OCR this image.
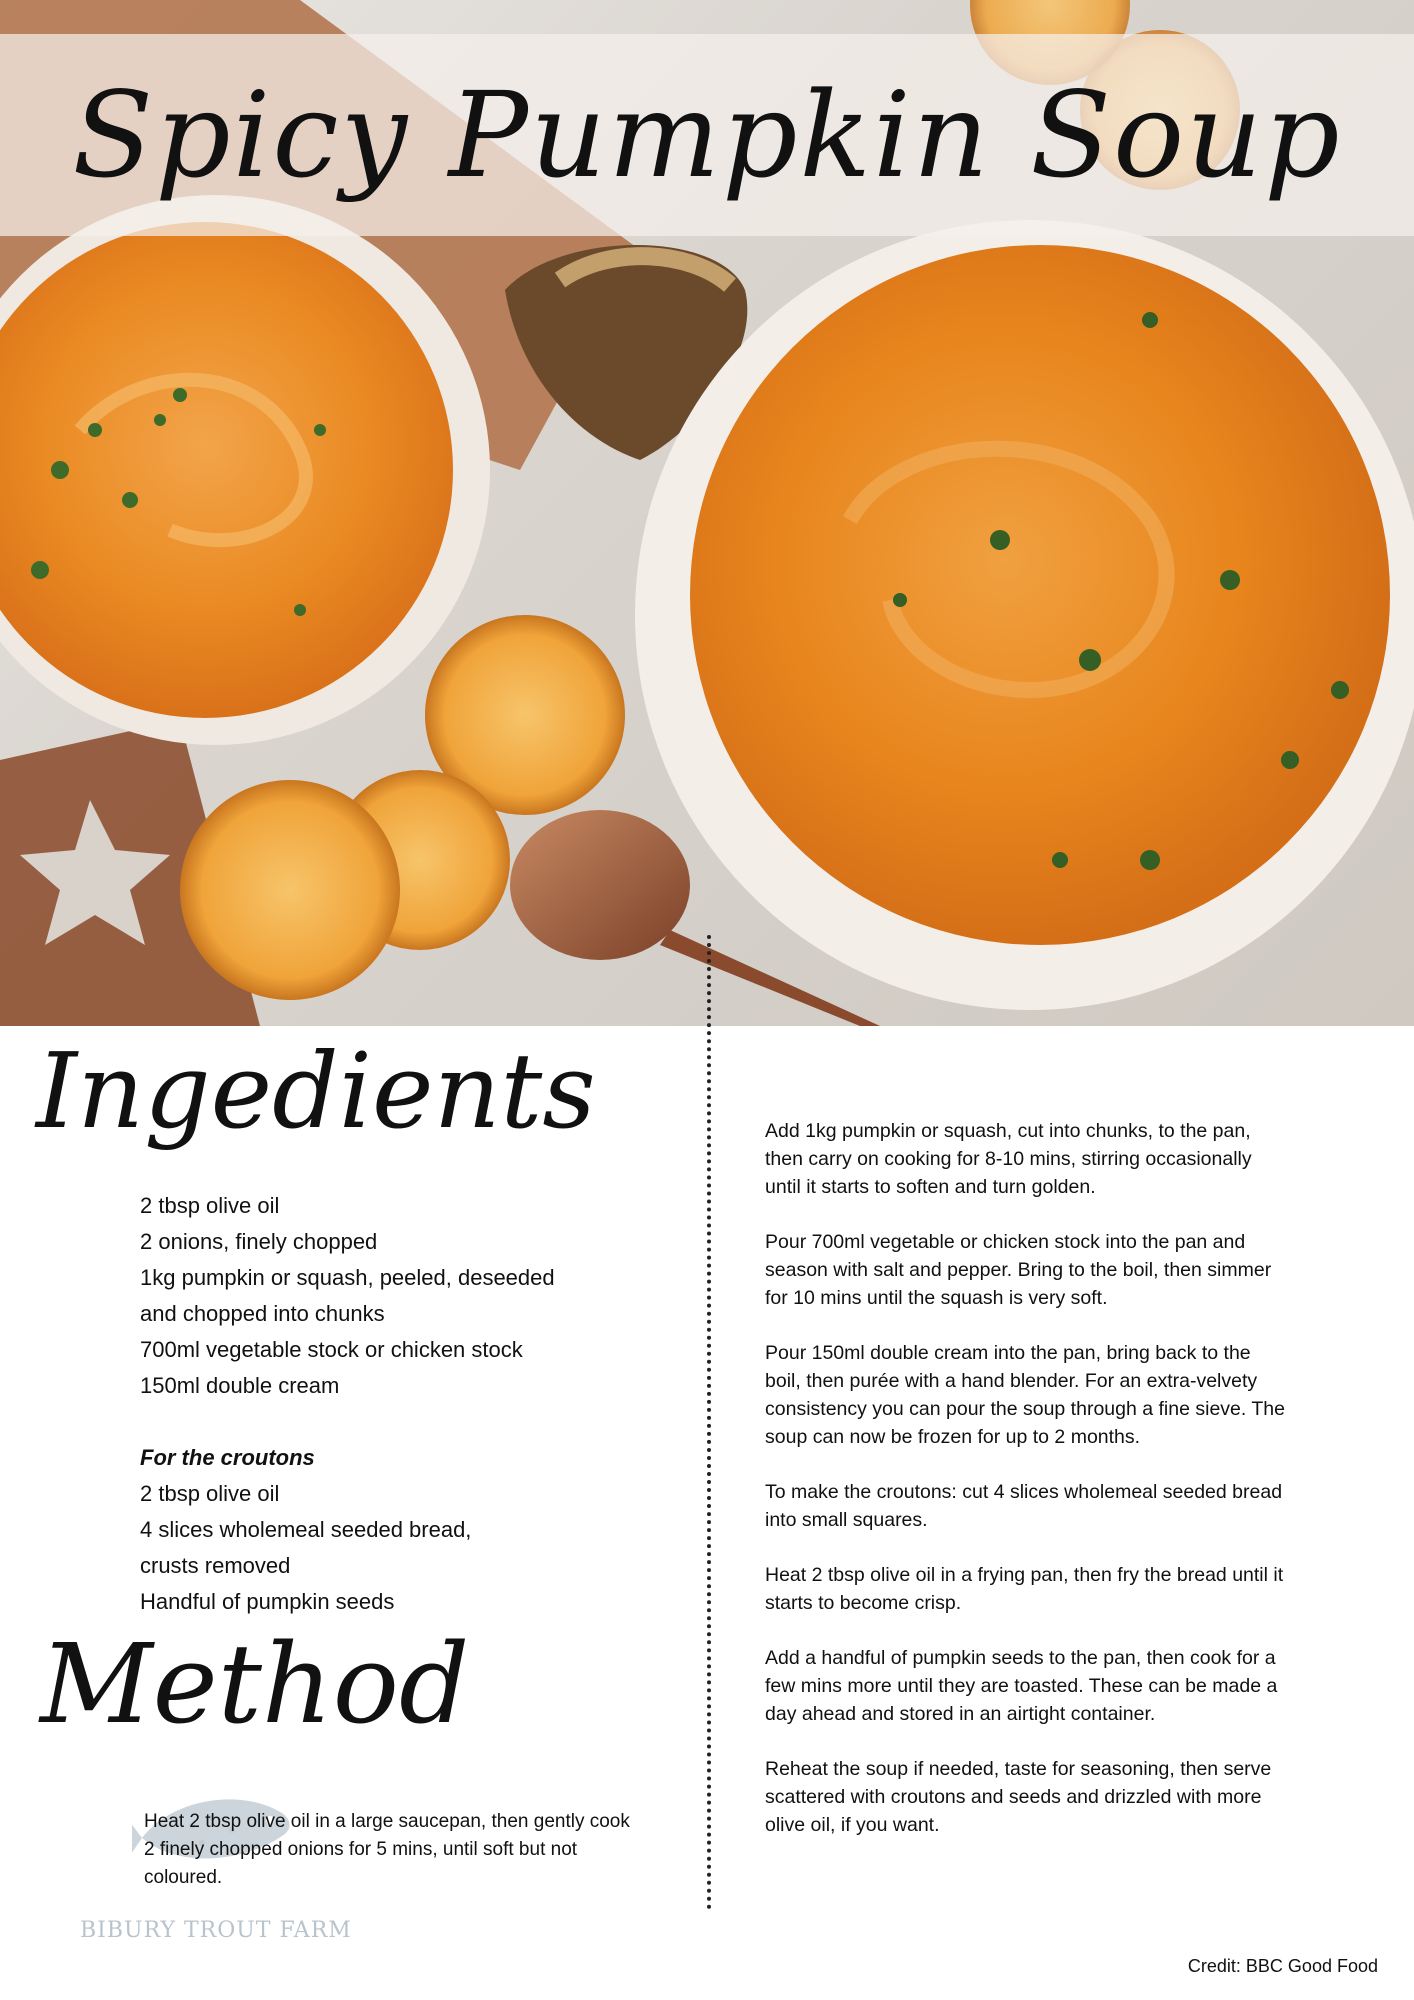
Spicy Pumpkin Soup
Ingedients
2 tbsp olive oil
2 onions, finely chopped
1kg pumpkin or squash, peeled, deseeded
and chopped into chunks
700ml vegetable stock or chicken stock
150ml double cream
For the croutons
2 tbsp olive oil
4 slices wholemeal seeded bread,
crusts removed
Handful of pumpkin seeds
Method

Heat 2 tbsp olive oil in a large saucepan, then gently cook 2 finely chopped onions for 5 mins, until soft but not coloured.

BIBURY TROUT FARM
Add 1kg pumpkin or squash, cut into chunks, to the pan, then carry on cooking for 8-10 mins, stirring occasionally until it starts to soften and turn golden.
Pour 700ml vegetable or chicken stock into the pan and season with salt and pepper. Bring to the boil, then simmer for 10 mins until the squash is very soft.
Pour 150ml double cream into the pan, bring back to the boil, then purée with a hand blender. For an extra-velvety consistency you can pour the soup through a fine sieve. The soup can now be frozen for up to 2 months.
To make the croutons: cut 4 slices wholemeal seeded bread into small squares.
Heat 2 tbsp olive oil in a frying pan, then fry the bread until it starts to become crisp.
Add a handful of pumpkin seeds to the pan, then cook for a few mins more until they are toasted. These can be made a day ahead and stored in an airtight container.
Reheat the soup if needed, taste for seasoning, then serve scattered with croutons and seeds and drizzled with more olive oil, if you want.
Credit: BBC Good Food
